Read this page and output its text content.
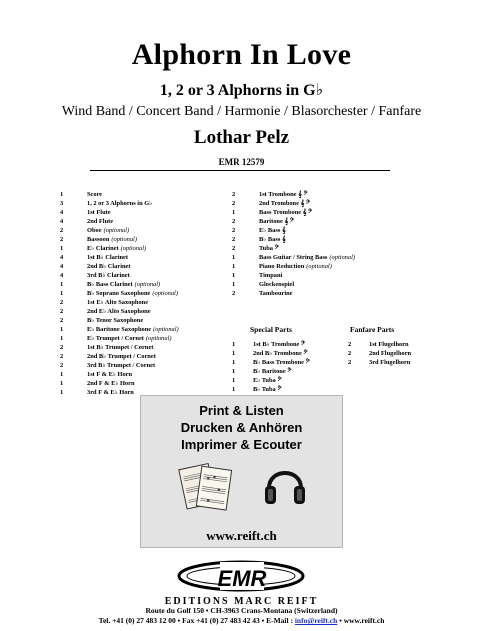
Alphorn In Love
1, 2 or 3 Alphorns in G♭
Wind Band / Concert Band / Harmonie / Blasorchester / Fanfare
Lothar Pelz
EMR 12579
1	Score
3	1, 2 or 3 Alphorns in G♭
4	1st Flute
4	2nd Flute
2	Oboe (optional)
2	Bassoon (optional)
1	E♭ Clarinet (optional)
4	1st B♭ Clarinet
4	2nd B♭ Clarinet
4	3rd B♭ Clarinet
1	B♭ Bass Clarinet (optional)
1	B♭ Soprano Saxophone (optional)
2	1st E♭ Alto Saxophone
2	2nd E♭ Alto Saxophone
2	B♭ Tenor Saxophone
1	E♭ Baritone Saxophone (optional)
1	E♭ Trumpet / Cornet (optional)
2	1st B♭ Trumpet / Cornet
2	2nd B♭ Trumpet / Cornet
2	3rd B♭ Trumpet / Cornet
1	1st F & E♭ Horn
1	2nd F & E♭ Horn
1	3rd F & E♭ Horn
2	1st Trombone 𝄞 𝄢
2	2nd Trombone 𝄞 𝄢
1	Bass Trombone 𝄞 𝄢
2	Baritone 𝄞 𝄢
2	E♭ Bass 𝄞
2	B♭ Bass 𝄞
2	Tuba 𝄢
1	Bass Guitar / String Bass (optional)
1	Piano Reduction (optional)
1	Timpani
1	Glockenspiel
2	Tambourine
Special Parts
1	1st B♭ Trombone 𝄢
1	2nd B♭ Trombone 𝄢
1	B♭ Bass Trombone 𝄢
1	B♭ Baritone 𝄢
1	E♭ Tuba 𝄢
1	B♭ Tuba 𝄢
Fanfare Parts
2	1st Flugelhorn
2	2nd Flugelhorn
2	3rd Flugelhorn
Print & Listen
Drucken & Anhören
Imprimer & Ecouter
www.reift.ch
EMR
EDITIONS MARC REIFT
Route du Golf 150 • CH-3963 Crans-Montana (Switzerland)
Tel. +41 (0) 27 483 12 00 • Fax +41 (0) 27 483 42 43 • E-Mail : info@reift.ch • www.reift.ch
